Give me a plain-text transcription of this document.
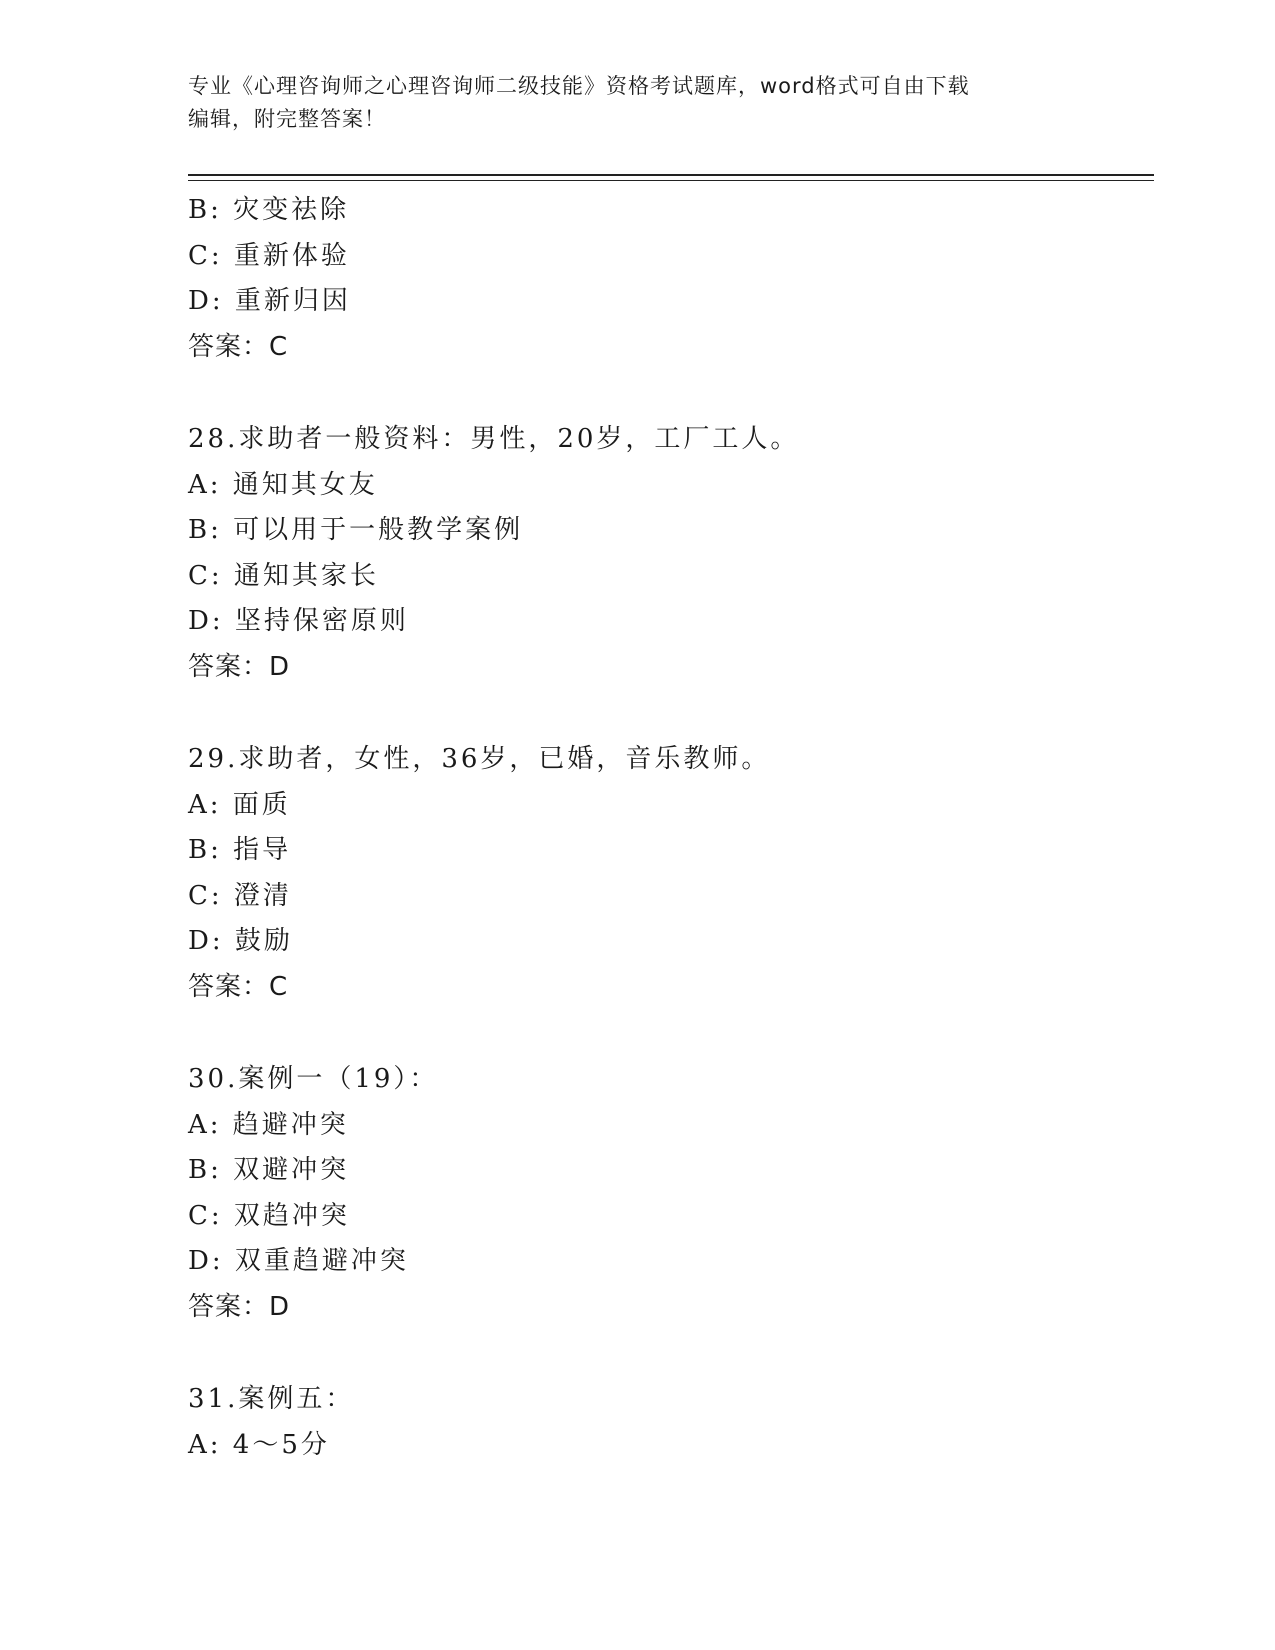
专业《心理咨询师之心理咨询师二级技能》资格考试题库，word格式可自由下载
编辑，附完整答案！
B: 灾变祛除
C: 重新体验
D: 重新归因
答案：C
28.求助者一般资料：男性，20岁，工厂工人。
A: 通知其女友
B: 可以用于一般教学案例
C: 通知其家长
D: 坚持保密原则
答案：D
29.求助者，女性，36岁，已婚，音乐教师。
A: 面质
B: 指导
C: 澄清
D: 鼓励
答案：C
30.案例一（19）：
A: 趋避冲突
B: 双避冲突
C: 双趋冲突
D: 双重趋避冲突
答案：D
31.案例五：
A: 4～5分
